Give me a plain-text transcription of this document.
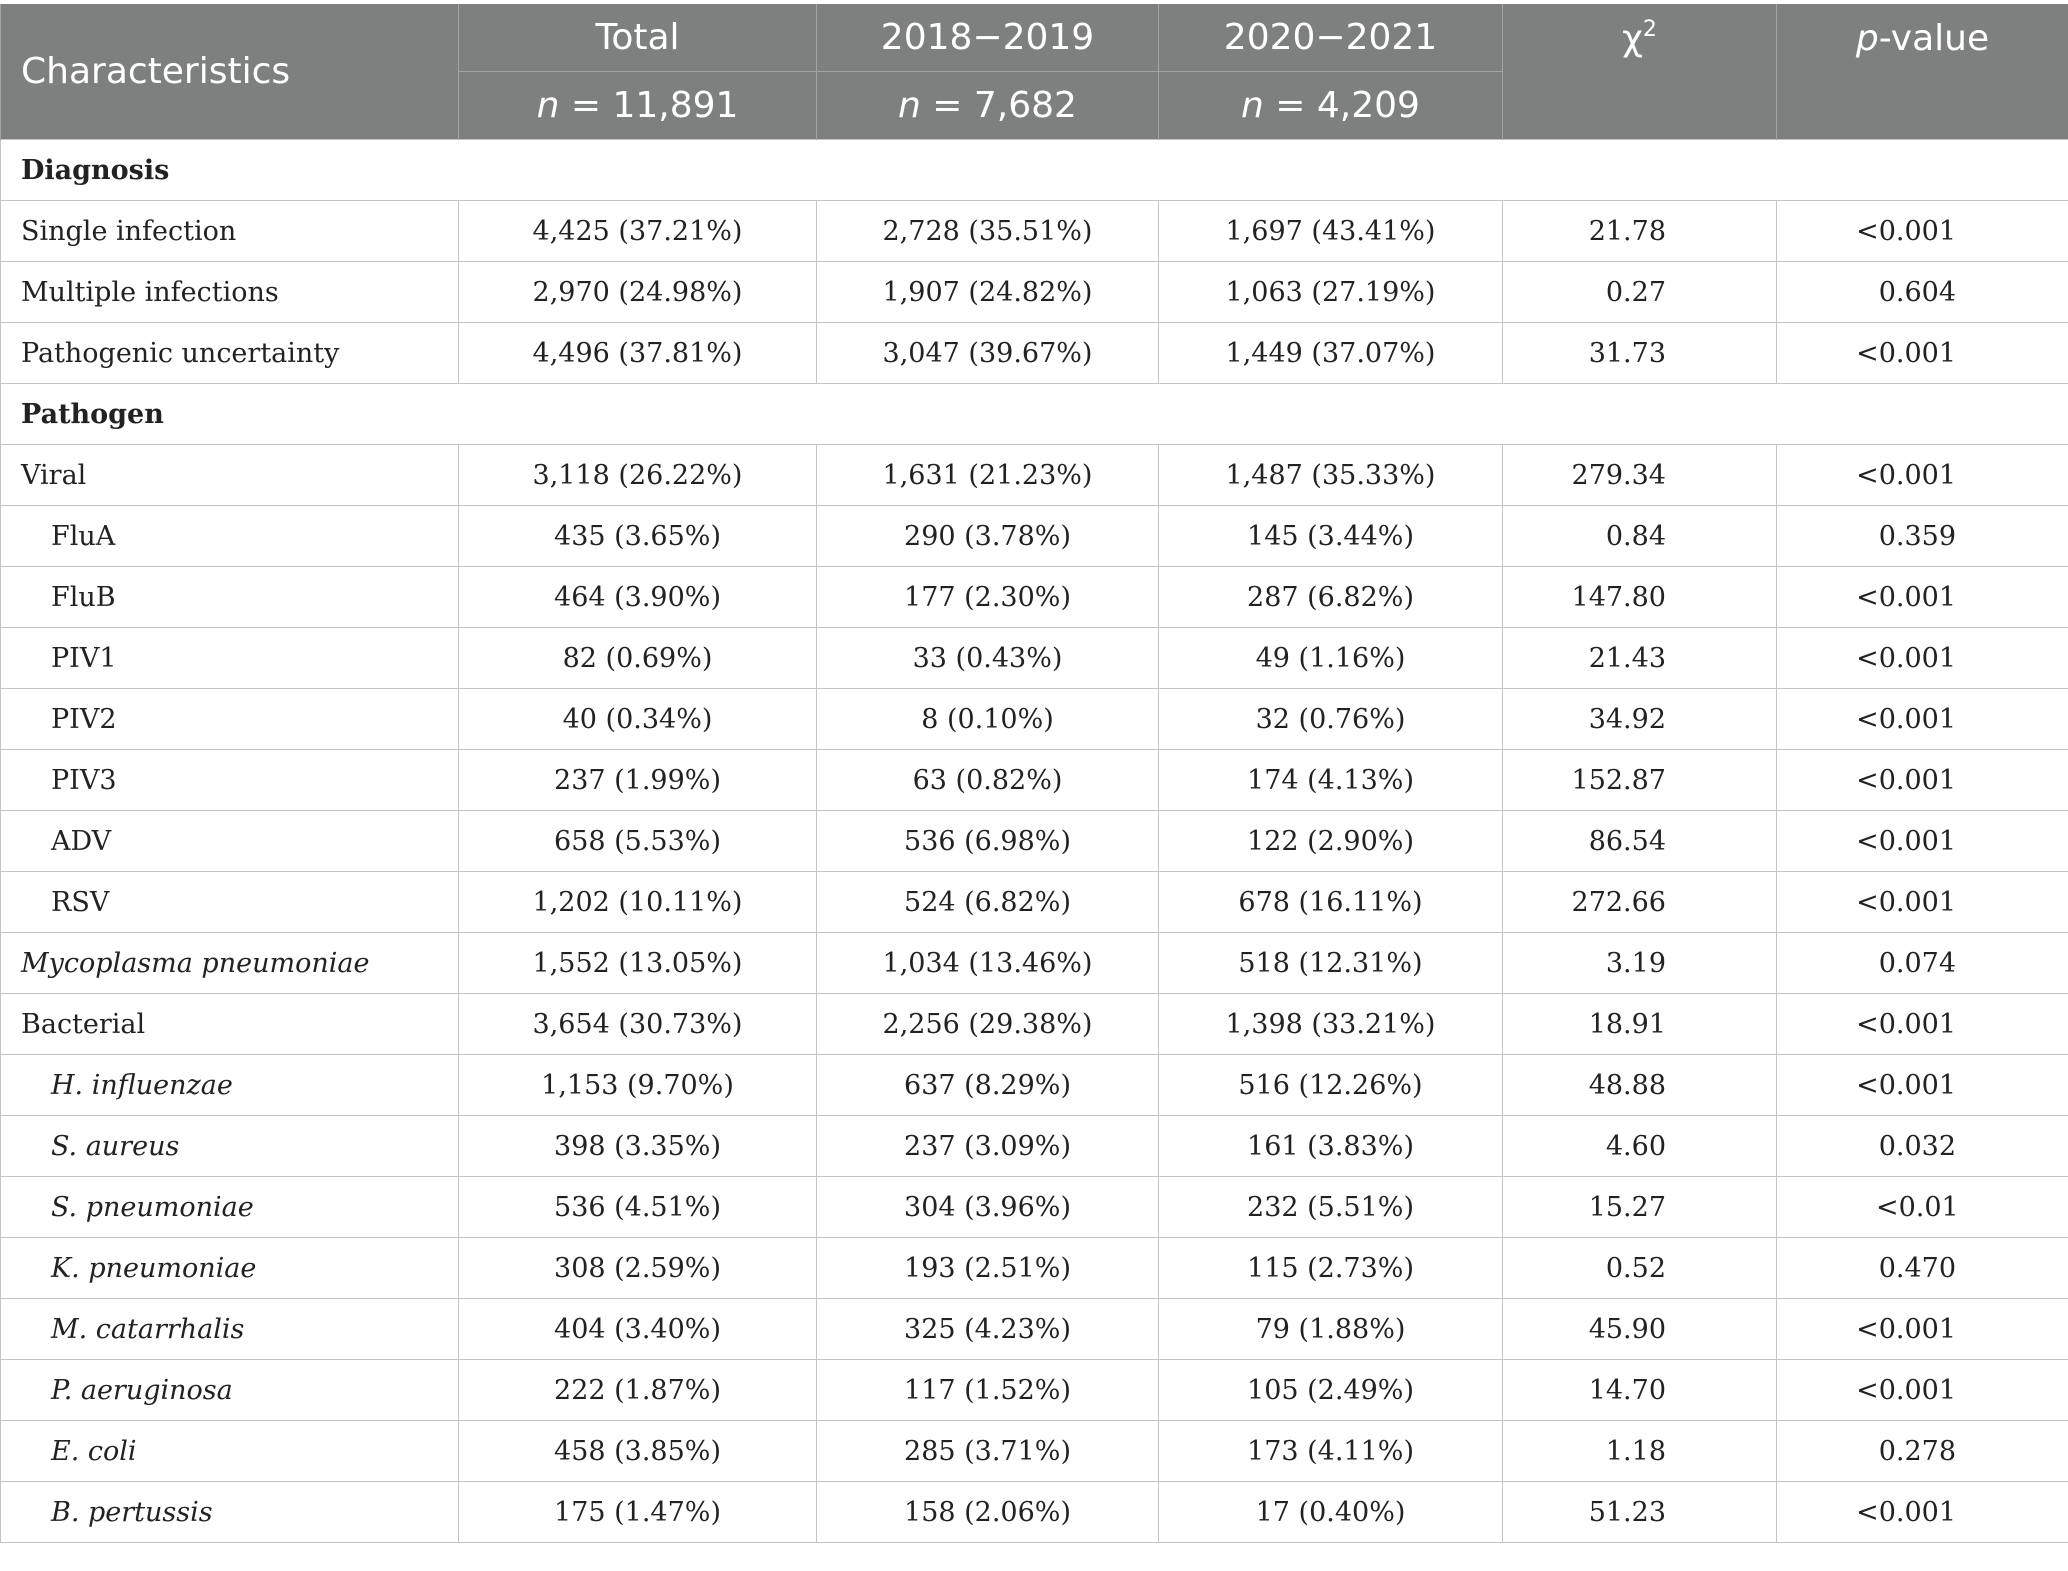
Characteristics	Total	2018−2019	2020−2021	$\chi^2$	p-value
	n = 11,891	n = 7,682	n = 4,209		
Diagnosis					
Single infection	4,425 (37.21%)	2,728 (35.51%)	1,697 (43.41%)	21.78	<0.001
Multiple infections	2,970 (24.98%)	1,907 (24.82%)	1,063 (27.19%)	0.27	0.604
Pathogenic uncertainty	4,496 (37.81%)	3,047 (39.67%)	1,449 (37.07%)	31.73	<0.001
Pathogen					
Viral	3,118 (26.22%)	1,631 (21.23%)	1,487 (35.33%)	279.34	<0.001
FluA	435 (3.65%)	290 (3.78%)	145 (3.44%)	0.84	0.359
FluB	464 (3.90%)	177 (2.30%)	287 (6.82%)	147.80	<0.001
PIV1	82 (0.69%)	33 (0.43%)	49 (1.16%)	21.43	<0.001
PIV2	40 (0.34%)	8 (0.10%)	32 (0.76%)	34.92	<0.001
PIV3	237 (1.99%)	63 (0.82%)	174 (4.13%)	152.87	<0.001
ADV	658 (5.53%)	536 (6.98%)	122 (2.90%)	86.54	<0.001
RSV	1,202 (10.11%)	524 (6.82%)	678 (16.11%)	272.66	<0.001
Mycoplasma pneumoniae	1,552 (13.05%)	1,034 (13.46%)	518 (12.31%)	3.19	0.074
Bacterial	3,654 (30.73%)	2,256 (29.38%)	1,398 (33.21%)	18.91	<0.001
H. influenzae	1,153 (9.70%)	637 (8.29%)	516 (12.26%)	48.88	<0.001
S. aureus	398 (3.35%)	237 (3.09%)	161 (3.83%)	4.60	0.032
S. pneumoniae	536 (4.51%)	304 (3.96%)	232 (5.51%)	15.27	<0.01
K. pneumoniae	308 (2.59%)	193 (2.51%)	115 (2.73%)	0.52	0.470
M. catarrhalis	404 (3.40%)	325 (4.23%)	79 (1.88%)	45.90	<0.001
P. aeruginosa	222 (1.87%)	117 (1.52%)	105 (2.49%)	14.70	<0.001
E. coli	458 (3.85%)	285 (3.71%)	173 (4.11%)	1.18	0.278
B. pertussis	175 (1.47%)	158 (2.06%)	17 (0.40%)	51.23	<0.001
